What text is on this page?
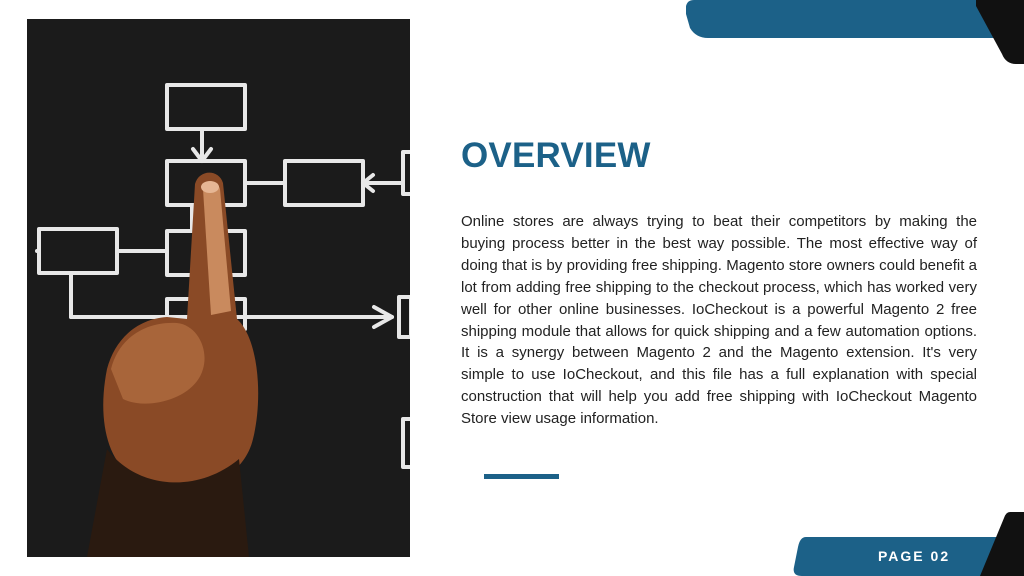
PAGE 02
OVERVIEW

Online stores are always trying to beat their competitors by making the buying process better in the best way possible. The most effective way of doing that is by providing free shipping. Magento store owners could benefit a lot from adding free shipping to the checkout process, which has worked very well for other online businesses. IoCheckout is a powerful Magento 2 free shipping module that allows for quick shipping and a few automation options. It is a synergy between Magento 2 and the Magento extension. It's very simple to use IoCheckout, and this file has a full explanation with special construction that will help you add free shipping with IoCheckout Magento Store view usage information.
